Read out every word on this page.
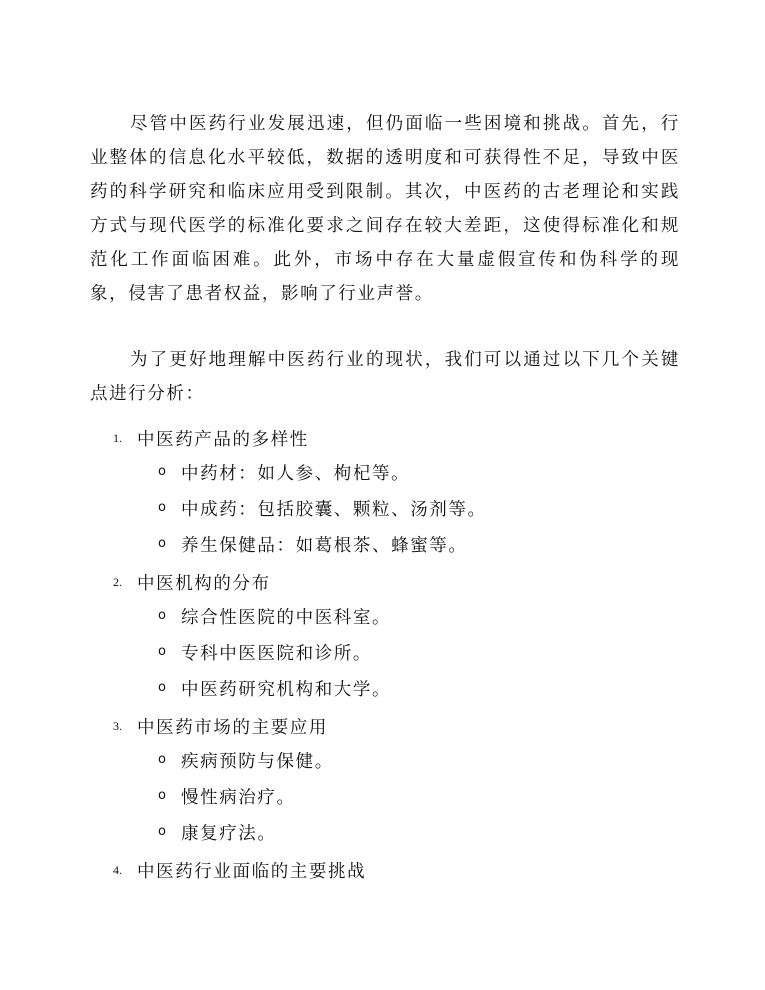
尽管中医药行业发展迅速，但仍面临一些困境和挑战。首先，行业整体的信息化水平较低，数据的透明度和可获得性不足，导致中医药的科学研究和临床应用受到限制。其次，中医药的古老理论和实践方式与现代医学的标准化要求之间存在较大差距，这使得标准化和规范化工作面临困难。此外，市场中存在大量虚假宣传和伪科学的现象，侵害了患者权益，影响了行业声誉。

为了更好地理解中医药行业的现状，我们可以通过以下几个关键点进行分析：

1. 中医药产品的多样性
o 中药材：如人参、枸杞等。
o 中成药：包括胶囊、颗粒、汤剂等。
o 养生保健品：如葛根茶、蜂蜜等。
2. 中医机构的分布
o 综合性医院的中医科室。
o 专科中医医院和诊所。
o 中医药研究机构和大学。
3. 中医药市场的主要应用
o 疾病预防与保健。
o 慢性病治疗。
o 康复疗法。
4. 中医药行业面临的主要挑战
